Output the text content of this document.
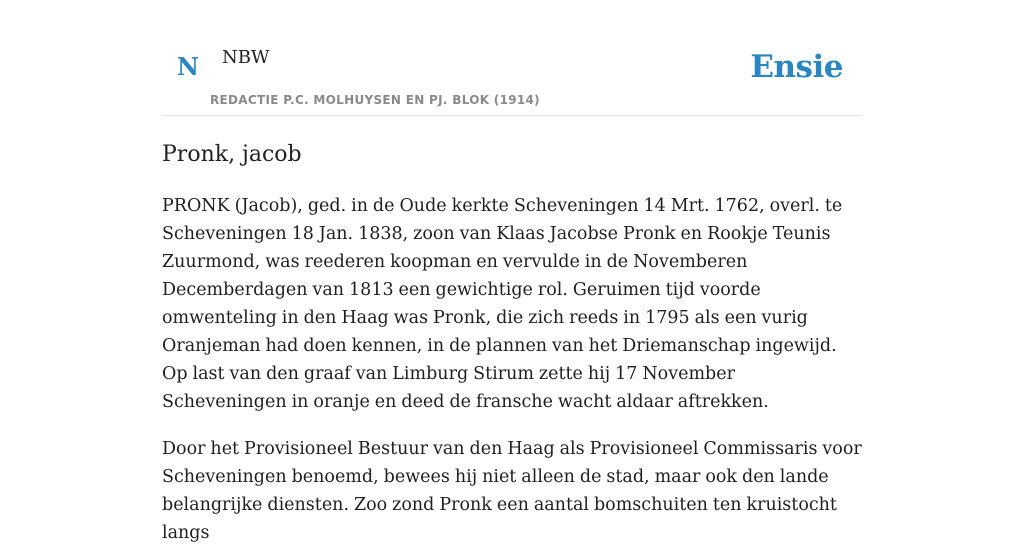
N NBW
REDACTIE P.C. MOLHUYSEN EN PJ. BLOK (1914)
Ensie
Pronk, jacob

PRONK (Jacob), ged. in de Oude kerkte Scheveningen 14 Mrt. 1762, overl. te Scheveningen 18 Jan. 1838, zoon van Klaas Jacobse Pronk en Rookje Teunis Zuurmond, was reederen koopman en vervulde in de Novemberen Decemberdagen van 1813 een gewichtige rol. Geruimen tijd voorde omwenteling in den Haag was Pronk, die zich reeds in 1795 als een vurig Oranjeman had doen kennen, in de plannen van het Driemanschap ingewijd. Op last van den graaf van Limburg Stirum zette hij 17 November Scheveningen in oranje en deed de fransche wacht aldaar aftrekken.

Door het Provisioneel Bestuur van den Haag als Provisioneel Commissaris voor Scheveningen benoemd, bewees hij niet alleen de stad, maar ook den lande belangrijke diensten. Zoo zond Pronk een aantal bomschuiten ten kruistocht langs
